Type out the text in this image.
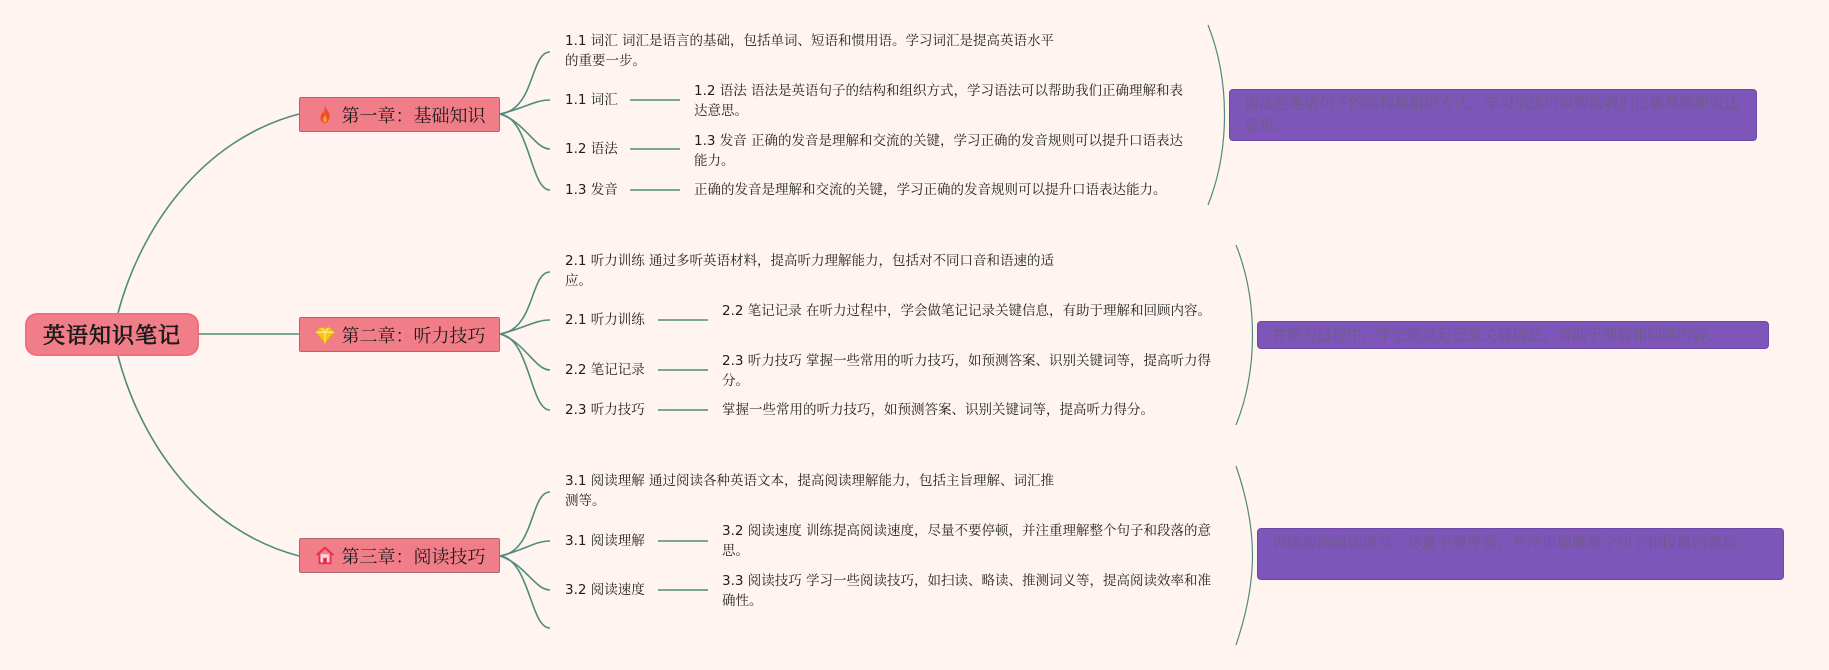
英语知识笔记
第一章：基础知识
1.1 词汇 词汇是语言的基础，包括单词、短语和惯用语。学习词汇是提高英语水平的重要一步。
1.1 词汇
1.2 语法
1.3 发音
1.2 语法 语法是英语句子的结构和组织方式，学习语法可以帮助我们正确理解和表达意思。
1.3 发音 正确的发音是理解和交流的关键，学习正确的发音规则可以提升口语表达能力。
正确的发音是理解和交流的关键，学习正确的发音规则可以提升口语表达能力。
语法是英语句子的结构和组织方式，学习语法可以帮助我们正确理解和表达意思。
第二章：听力技巧
2.1 听力训练 通过多听英语材料，提高听力理解能力，包括对不同口音和语速的适应。
2.1 听力训练
2.2 笔记记录
2.3 听力技巧
2.2 笔记记录 在听力过程中，学会做笔记记录关键信息，有助于理解和回顾内容。
2.3 听力技巧 掌握一些常用的听力技巧，如预测答案、识别关键词等，提高听力得分。
掌握一些常用的听力技巧，如预测答案、识别关键词等，提高听力得分。
在听力过程中，学会做笔记记录关键信息，有助于理解和回顾内容。
第三章：阅读技巧
3.1 阅读理解 通过阅读各种英语文本，提高阅读理解能力，包括主旨理解、词汇推测等。
3.1 阅读理解
3.2 阅读速度
3.2 阅读速度 训练提高阅读速度，尽量不要停顿，并注重理解整个句子和段落的意思。
3.3 阅读技巧 学习一些阅读技巧，如扫读、略读、推测词义等，提高阅读效率和准确性。
训练提高阅读速度，尽量不要停顿，并注重理解整个句子和段落的意思。
